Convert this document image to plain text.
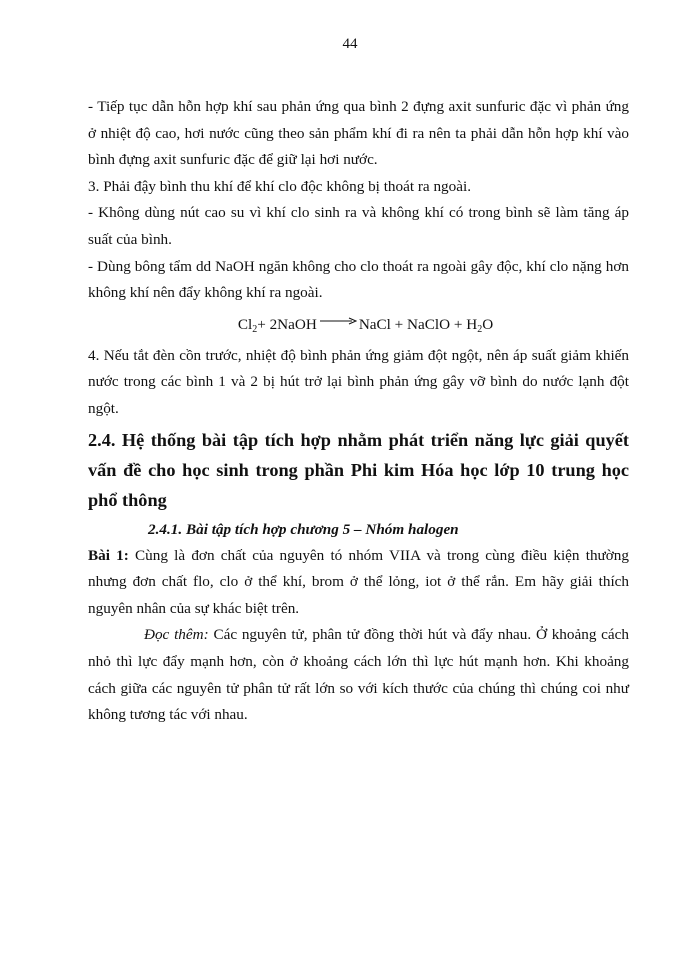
44

- Tiếp tục dẫn hỗn hợp khí sau phản ứng qua bình 2 đựng axit sunfuric đặc vì phản ứng ở nhiệt độ cao, hơi nước cũng theo sản phẩm khí đi ra nên ta phải dẫn hỗn hợp khí vào bình đựng axit sunfuric đặc để giữ lại hơi nước.

3. Phải đậy bình thu khí để khí clo độc không bị thoát ra ngoài.

- Không dùng nút cao su vì khí clo sinh ra và không khí có trong bình sẽ làm tăng áp suất của bình.

- Dùng bông tẩm dd NaOH ngăn không cho clo thoát ra ngoài gây độc, khí clo nặng hơn không khí nên đẩy không khí ra ngoài.

$Cl_2+$ 2NaOH → NaCl + NaClO + $H_2O$

4. Nếu tắt đèn cồn trước, nhiệt độ bình phản ứng giảm đột ngột, nên áp suất giảm khiến nước trong các bình 1 và 2 bị hút trở lại bình phản ứng gây vỡ bình do nước lạnh đột ngột.

2.4. Hệ thống bài tập tích hợp nhằm phát triển năng lực giải quyết vấn đề cho học sinh trong phần Phi kim Hóa học lớp 10 trung học phổ thông
2.4.1. Bài tập tích hợp chương 5 – Nhóm halogen

Bài 1: Cùng là đơn chất của nguyên tó nhóm VIIA và trong cùng điều kiện thường nhưng đơn chất flo, clo ở thể khí, brom ở thể lỏng, iot ở thể rắn. Em hãy giải thích nguyên nhân của sự khác biệt trên.

Đọc thêm: Các nguyên tử, phân tử đồng thời hút và đẩy nhau. Ở khoảng cách nhỏ thì lực đẩy mạnh hơn, còn ở khoảng cách lớn thì lực hút mạnh hơn. Khi khoảng cách giữa các nguyên tử phân tử rất lớn so với kích thước của chúng thì chúng coi như không tương tác với nhau.
